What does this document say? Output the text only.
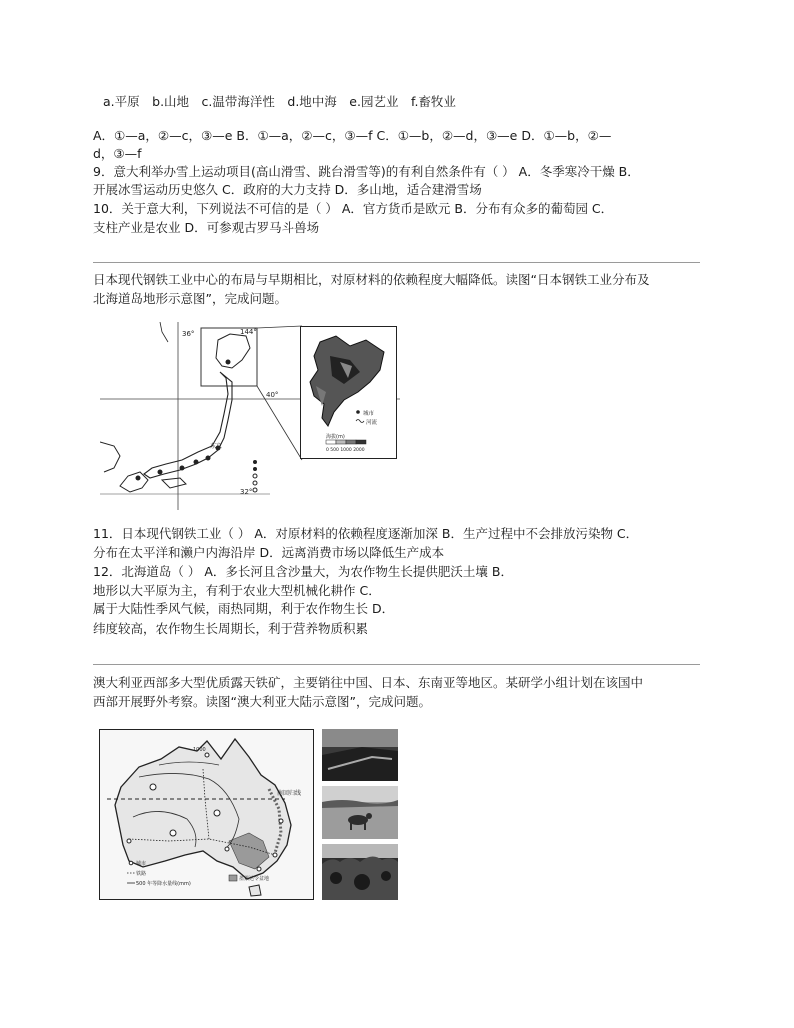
a.平原　b.山地　c.温带海洋性　d.地中海　e.园艺业　f.畜牧业
A．①—a，②—c，③—e B．①—a，②—c，③—f C．①—b，②—d，③—e D．①—b，②—
d，③—f
9．意大利举办雪上运动项目(高山滑雪、跳台滑雪等)的有利自然条件有（ ） A．冬季寒冷干燥 B．
开展冰雪运动历史悠久 C．政府的大力支持 D．多山地，适合建滑雪场
10．关于意大利，下列说法不可信的是（ ） A．官方货币是欧元 B．分布有众多的葡萄园 C．
支柱产业是农业 D．可参观古罗马斗兽场
日本现代钢铁工业中心的布局与早期相比，对原材料的依赖程度大幅降低。读图“日本钢铁工业分布及
北海道岛地形示意图”，完成问题。
36°	144°
40°
32°
东京
城市
河流
海拔(m)
0 500 1000 2000
11．日本现代钢铁工业（ ） A．对原材料的依赖程度逐渐加深 B．生产过程中不会排放污染物 C．
分布在太平洋和濑户内海沿岸 D．远离消费市场以降低生产成本
12．北海道岛（ ） A．多长河且含沙量大，为农作物生长提供肥沃土壤 B．
地形以大平原为主，有利于农业大型机械化耕作 C．
属于大陆性季风气候，雨热同期，利于农作物生长 D．
纬度较高，农作物生长周期长，利于营养物质积累
澳大利亚西部多大型优质露天铁矿，主要销往中国、日本、东南亚等地区。某研学小组计划在该国中
西部开展野外考察。读图“澳大利亚大陆示意图”，完成问题。
南回归线
1000
城市
铁路
500 年等降水量线(mm)
墨累达令盆地
